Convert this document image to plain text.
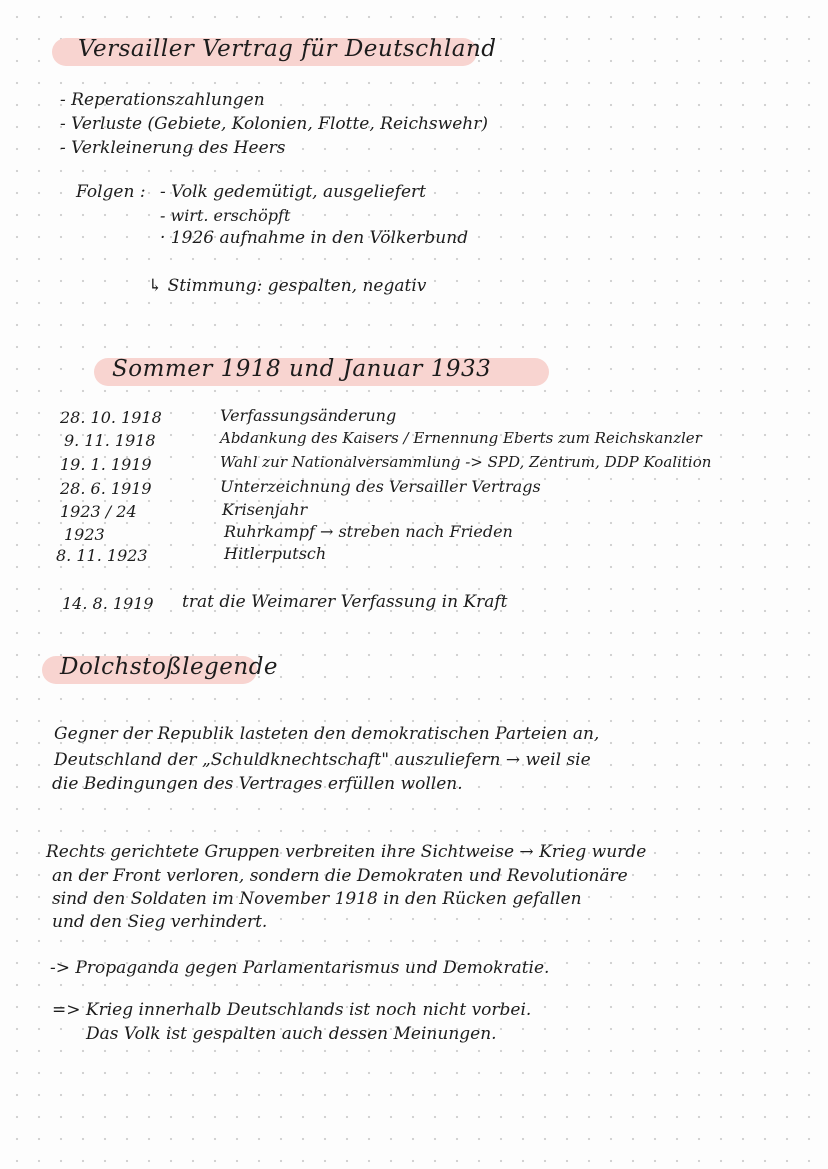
Versailler Vertrag für Deutschland
- Reperationszahlungen
- Verluste (Gebiete, Kolonien, Flotte, Reichswehr)
- Verkleinerung des Heers
Folgen : - Volk gedemütigt, ausgeliefert
- wirt. erschöpft
· 1926 aufnahme in den Völkerbund
↳ Stimmung: gespalten, negativ
Sommer 1918 und Januar 1933
28. 10. 1918	Verfassungsänderung
9. 11. 1918	Abdankung des Kaisers / Ernennung Eberts zum Reichskanzler
19. 1. 1919	Wahl zur Nationalversammlung -> SPD, Zentrum, DDP Koalition
28. 6. 1919	Unterzeichnung des Versailler Vertrags
1923 / 24	Krisenjahr
1923	Ruhrkampf → streben nach Frieden
8. 11. 1923	Hitlerputsch
14. 8. 1919 trat die Weimarer Verfassung in Kraft
Dolchstoßlegende
Gegner der Republik lasteten den demokratischen Parteien an,
Deutschland der „Schuldknechtschaft" auszuliefern → weil sie
die Bedingungen des Vertrages erfüllen wollen.
Rechts gerichtete Gruppen verbreiten ihre Sichtweise → Krieg wurde
an der Front verloren, sondern die Demokraten und Revolutionäre
sind den Soldaten im November 1918 in den Rücken gefallen
und den Sieg verhindert.
-> Propaganda gegen Parlamentarismus und Demokratie.
=> Krieg innerhalb Deutschlands ist noch nicht vorbei.
Das Volk ist gespalten auch dessen Meinungen.
